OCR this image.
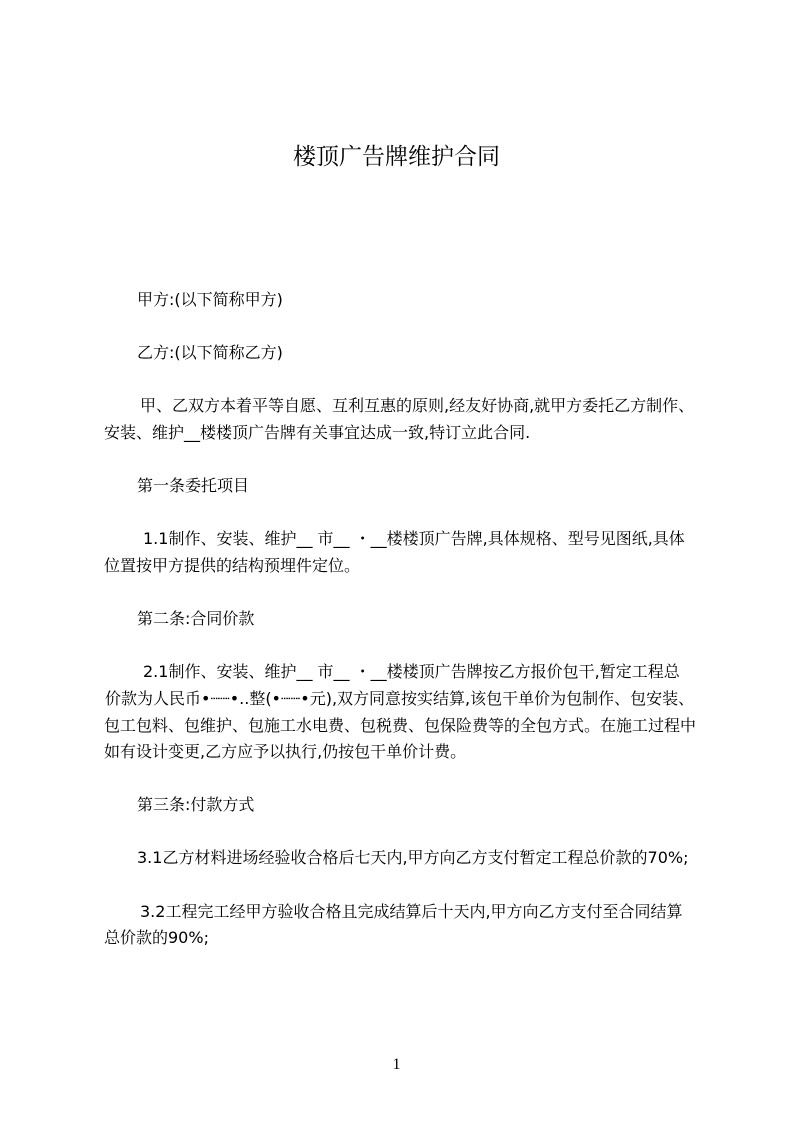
楼顶广告牌维护合同

甲方:(以下简称甲方)

乙方:(以下简称乙方)

甲、乙双方本着平等自愿、互利互惠的原则,经友好协商,就甲方委托乙方制作、
安装、维护__楼楼顶广告牌有关事宜达成一致,特订立此合同.

第一条委托项目

1.1制作、安装、维护__ 市__ ・__楼楼顶广告牌,具体规格、型号见图纸,具体
位置按甲方提供的结构预埋件定位。

第二条:合同价款

2.1制作、安装、维护__ 市__ ・__楼楼顶广告牌按乙方报价包干,暂定工程总
价款为人民币•┈┈•..整(•┈┈•元),双方同意按实结算,该包干单价为包制作、包安装、
包工包料、包维护、包施工水电费、包税费、包保险费等的全包方式。在施工过程中
如有设计变更,乙方应予以执行,仍按包干单价计费。

第三条:付款方式

3.1乙方材料进场经验收合格后七天内,甲方向乙方支付暂定工程总价款的70%;

3.2工程完工经甲方验收合格且完成结算后十天内,甲方向乙方支付至合同结算
总价款的90%;

1
